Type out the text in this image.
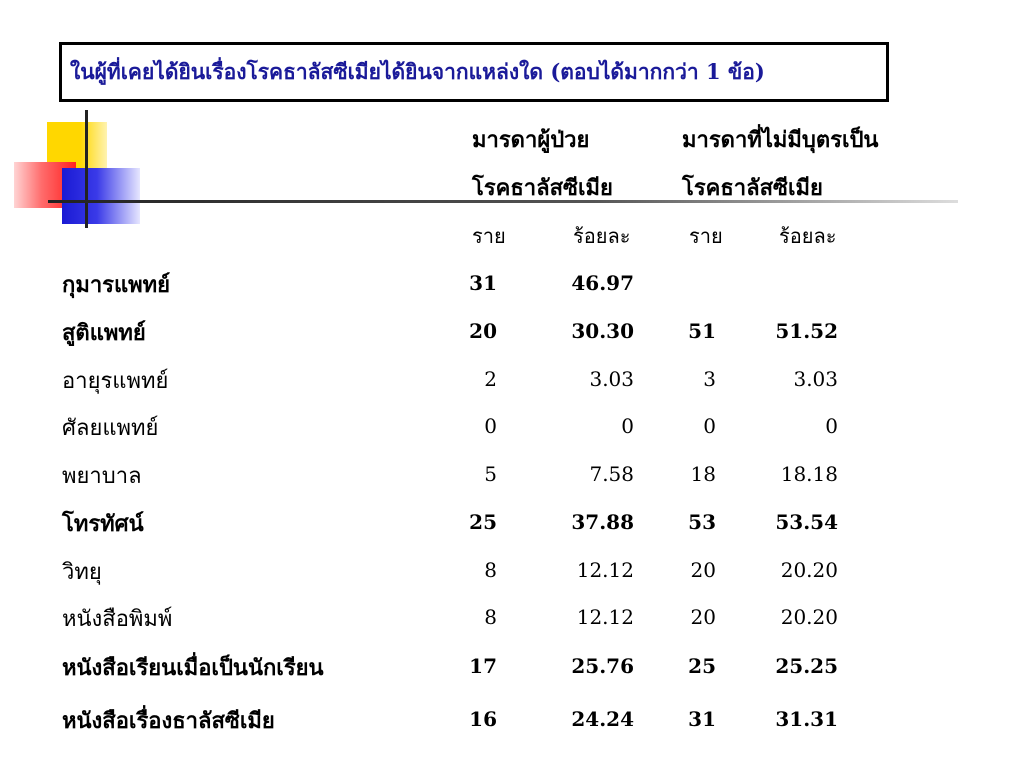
ในผู้ที่เคยได้ยินเรื่องโรคธาลัสซีเมียได้ยินจากแหล่งใด (ตอบได้มากกว่า 1 ข้อ)
มารดาผู้ป่วย
โรคธาลัสซีเมีย
มารดาที่ไม่มีบุตรเป็น
โรคธาลัสซีเมีย
ราย	ร้อยละ	ราย	ร้อยละ
กุมารแพทย์	31	46.97
สูติแพทย์	20	30.30	51	51.52
อายุรแพทย์	2	3.03	3	3.03
ศัลยแพทย์	0	0	0	0
พยาบาล	5	7.58	18	18.18
โทรทัศน์	25	37.88	53	53.54
วิทยุ	8	12.12	20	20.20
หนังสือพิมพ์	8	12.12	20	20.20
หนังสือเรียนเมื่อเป็นนักเรียน	17	25.76	25	25.25
หนังสือเรื่องธาลัสซีเมีย	16	24.24	31	31.31
